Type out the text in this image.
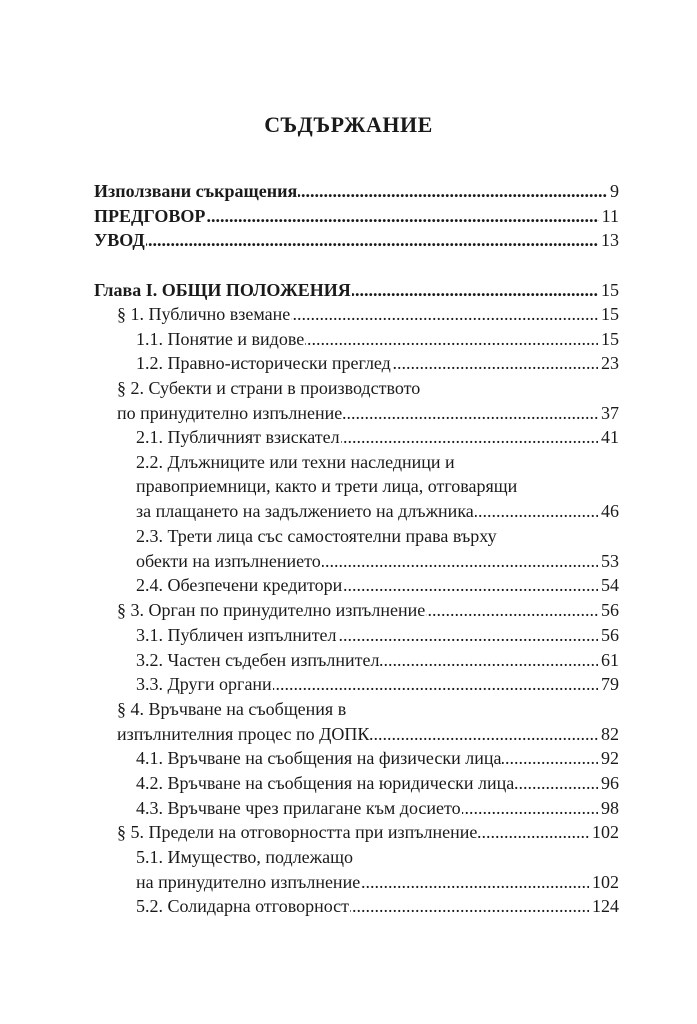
СЪДЪРЖАНИЕ
Използвани съкращения	9
.....
ПРЕДГОВОР	11
.....
УВОД	13
.....
Глава I. ОБЩИ ПОЛОЖЕНИЯ	15
.....
§ 1. Публично вземане	15
.....
1.1. Понятие и видове	15
.....
1.2. Правно-исторически преглед	23
.....
§ 2. Субекти и страни в производството
по принудително изпълнение	37
.....
2.1. Публичният взискател	41
.....
2.2. Длъжниците или техни наследници и
правоприемници, както и трети лица, отговарящи
за плащането на задължението на длъжника	46
.....
2.3. Трети лица със самостоятелни права върху
обекти на изпълнението	53
.....
2.4. Обезпечени кредитори	54
.....
§ 3. Орган по принудително изпълнение	56
.....
3.1. Публичен изпълнител	56
.....
3.2. Частен съдебен изпълнител	61
.....
3.3. Други органи	79
.....
§ 4. Връчване на съобщения в
изпълнителния процес по ДОПК	82
.....
4.1. Връчване на съобщения на физически лица	92
.....
4.2. Връчване на съобщения на юридически лица	96
.....
4.3. Връчване чрез прилагане към досието	98
.....
§ 5. Предели на отговорността при изпълнение	102
.....
5.1. Имущество, подлежащо
на принудително изпълнение	102
.....
5.2. Солидарна отговорност	124
.....
